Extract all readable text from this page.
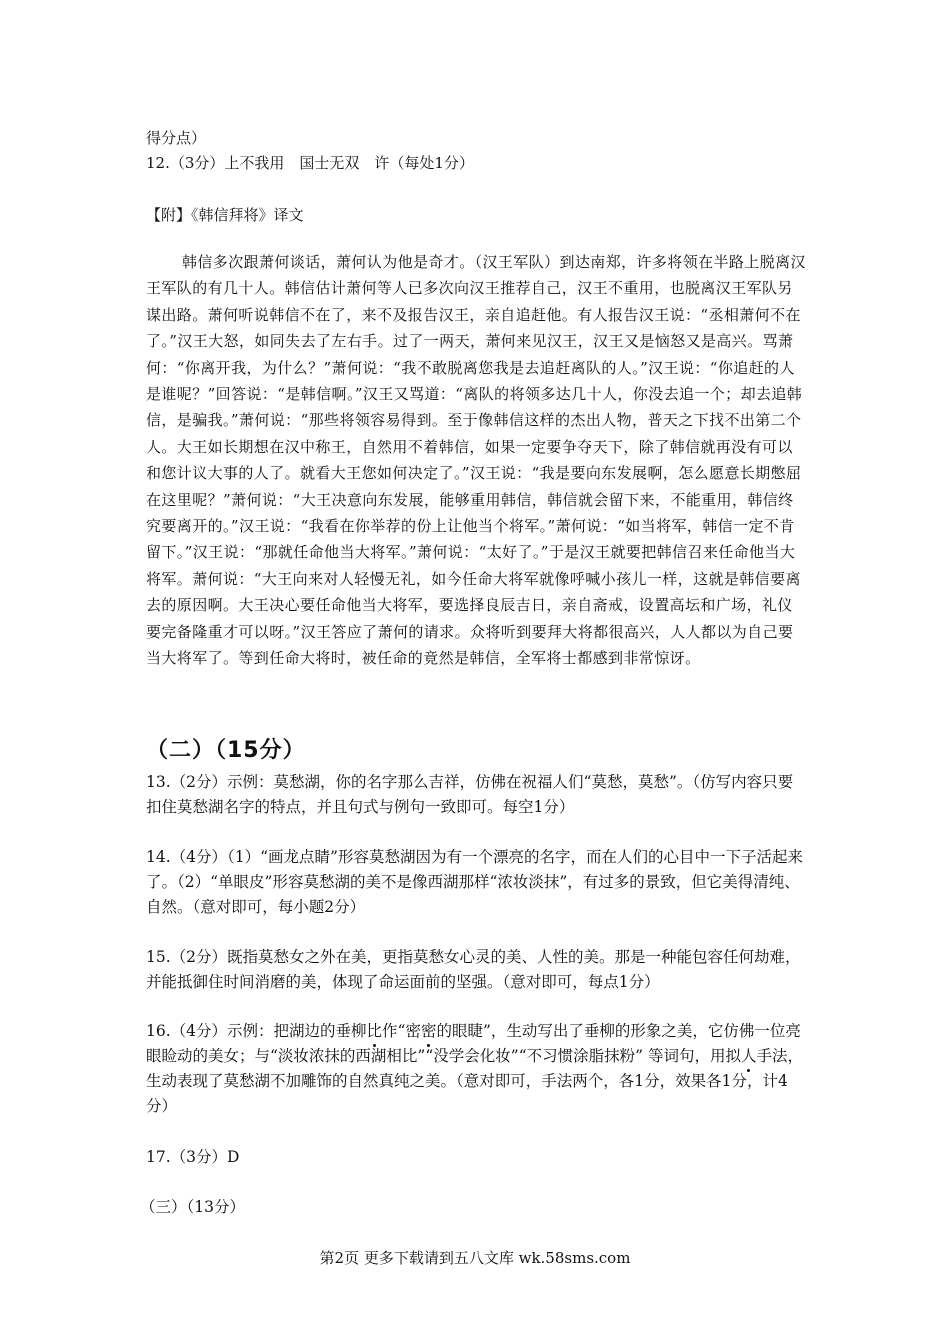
得分点）

12.（3分）上不我用　国士无双　许（每处1分）

【附】《韩信拜将》译文

韩信多次跟萧何谈话，萧何认为他是奇才。（汉王军队）到达南郑，许多将领在半路上脱离汉王军队的有几十人。韩信估计萧何等人已多次向汉王推荐自己，汉王不重用，也脱离汉王军队另谋出路。萧何听说韩信不在了，来不及报告汉王，亲自追赶他。有人报告汉王说：“丞相萧何不在了。”汉王大怒，如同失去了左右手。过了一两天，萧何来见汉王，汉王又是恼怒又是高兴。骂萧何：“你离开我，为什么？”萧何说：“我不敢脱离您我是去追赶离队的人。”汉王说：“你追赶的人是谁呢？”回答说：“是韩信啊。”汉王又骂道：“离队的将领多达几十人，你没去追一个；却去追韩信，是骗我。”萧何说：“那些将领容易得到。至于像韩信这样的杰出人物，普天之下找不出第二个人。大王如长期想在汉中称王，自然用不着韩信，如果一定要争夺天下，除了韩信就再没有可以和您计议大事的人了。就看大王您如何决定了。”汉王说：“我是要向东发展啊，怎么愿意长期憋屈在这里呢？”萧何说：“大王决意向东发展，能够重用韩信，韩信就会留下来，不能重用，韩信终究要离开的。”汉王说：“我看在你举荐的份上让他当个将军。”萧何说：“如当将军，韩信一定不肯留下。”汉王说：“那就任命他当大将军。”萧何说：“太好了。”于是汉王就要把韩信召来任命他当大将军。萧何说：“大王向来对人轻慢无礼，如今任命大将军就像呼喊小孩儿一样，这就是韩信要离去的原因啊。大王决心要任命他当大将军，要选择良辰吉日，亲自斋戒，设置高坛和广场，礼仪要完备隆重才可以呀。”汉王答应了萧何的请求。众将听到要拜大将都很高兴，人人都以为自己要当大将军了。等到任命大将时，被任命的竟然是韩信，全军将士都感到非常惊讶。

（二）（15分）

13.（2分）示例：莫愁湖，你的名字那么吉祥，仿佛在祝福人们“莫愁，莫愁”。（仿写内容只要扣住莫愁湖名字的特点，并且句式与例句一致即可。每空1分）

14.（4分）（1）“画龙点睛”形容莫愁湖因为有一个漂亮的名字，而在人们的心目中一下子活起来了。（2）“单眼皮”形容莫愁湖的美不是像西湖那样“浓妆淡抹”，有过多的景致，但它美得清纯、自然。（意对即可，每小题2分）

15.（2分）既指莫愁女之外在美，更指莫愁女心灵的美、人性的美。那是一种能包容任何劫难，并能抵御住时间消磨的美，体现了命运面前的坚强。（意对即可，每点1分）

16.（4分）示例：把湖边的垂柳比作“密密的眼睫”，生动写出了垂柳的形象之美，它仿佛一位亮眼睑动的美女；与“淡妆浓抹的西湖相比”“没学会化妆”“不习惯涂脂抹粉” 等词句，用拟人手法，生动表现了莫愁湖不加雕饰的自然真纯之美。（意对即可，手法两个，各1分，效果各1分，计4分）

17.（3分）D

（三）（13分）

第2页 更多下载请到五八文库 wk.58sms.com
